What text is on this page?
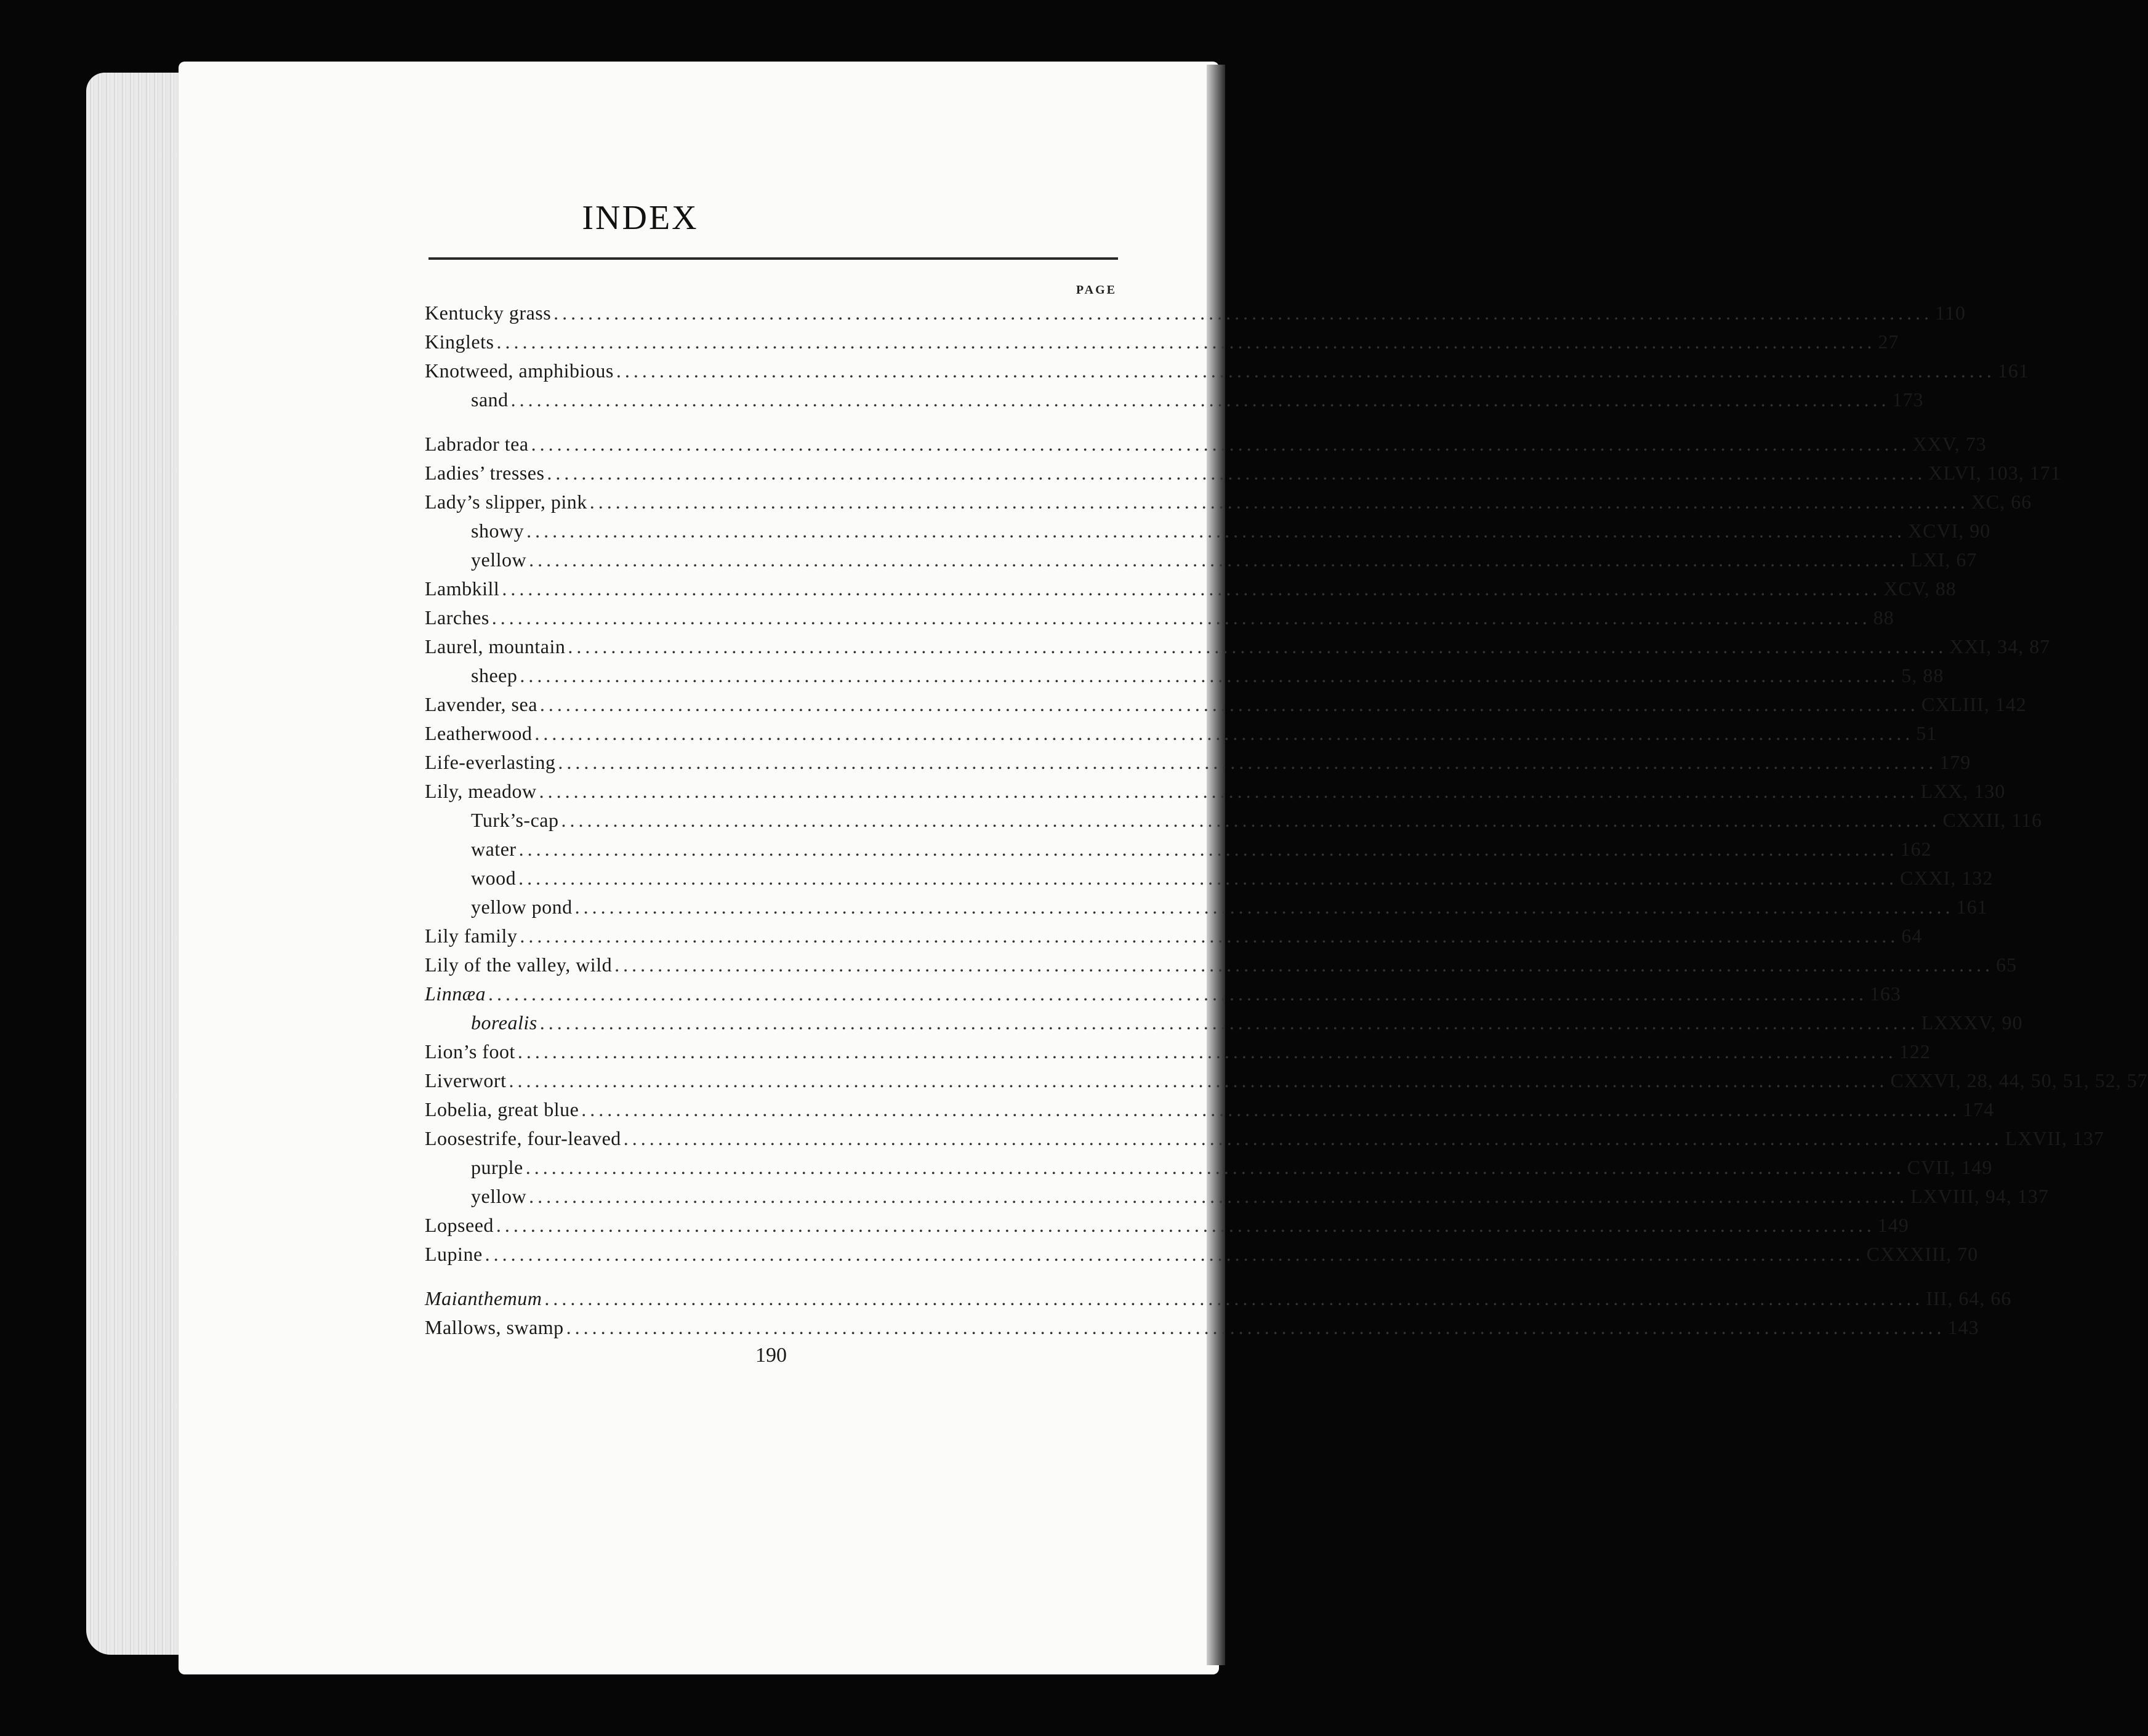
INDEX
PAGE
Kentucky grass ................................................................................................................................................................ 110
Kinglets ................................................................................................................................................................ 27
Knotweed, amphibious ................................................................................................................................................................ 161
sand ................................................................................................................................................................ 173
Labrador tea ................................................................................................................................................................ XXV, 73
Ladies’ tresses ................................................................................................................................................................ XLVI, 103, 171
Lady’s slipper, pink ................................................................................................................................................................ XC, 66
showy ................................................................................................................................................................ XCVI, 90
yellow ................................................................................................................................................................ LXI, 67
Lambkill ................................................................................................................................................................ XCV, 88
Larches ................................................................................................................................................................ 88
Laurel, mountain ................................................................................................................................................................ XXI, 34, 87
sheep ................................................................................................................................................................ 5, 88
Lavender, sea ................................................................................................................................................................ CXLIII, 142
Leatherwood ................................................................................................................................................................ 51
Life-everlasting ................................................................................................................................................................ 179
Lily, meadow ................................................................................................................................................................ LXX, 130
Turk’s-cap ................................................................................................................................................................ CXXII, 116
water ................................................................................................................................................................ 162
wood ................................................................................................................................................................ CXXI, 132
yellow pond ................................................................................................................................................................ 161
Lily family ................................................................................................................................................................ 64
Lily of the valley, wild ................................................................................................................................................................ 65
Linnæa ................................................................................................................................................................ 163
borealis ................................................................................................................................................................ LXXXV, 90
Lion’s foot ................................................................................................................................................................ 122
Liverwort ................................................................................................................................................................ CXXVI, 28, 44, 50, 51, 52, 57
Lobelia, great blue ................................................................................................................................................................ 174
Loosestrife, four-leaved ................................................................................................................................................................ LXVII, 137
purple ................................................................................................................................................................ CVII, 149
yellow ................................................................................................................................................................ LXVIII, 94, 137
Lopseed ................................................................................................................................................................ 149
Lupine ................................................................................................................................................................ CXXXIII, 70
Maianthemum ................................................................................................................................................................ III, 64, 66
Mallows, swamp ................................................................................................................................................................ 143
190
